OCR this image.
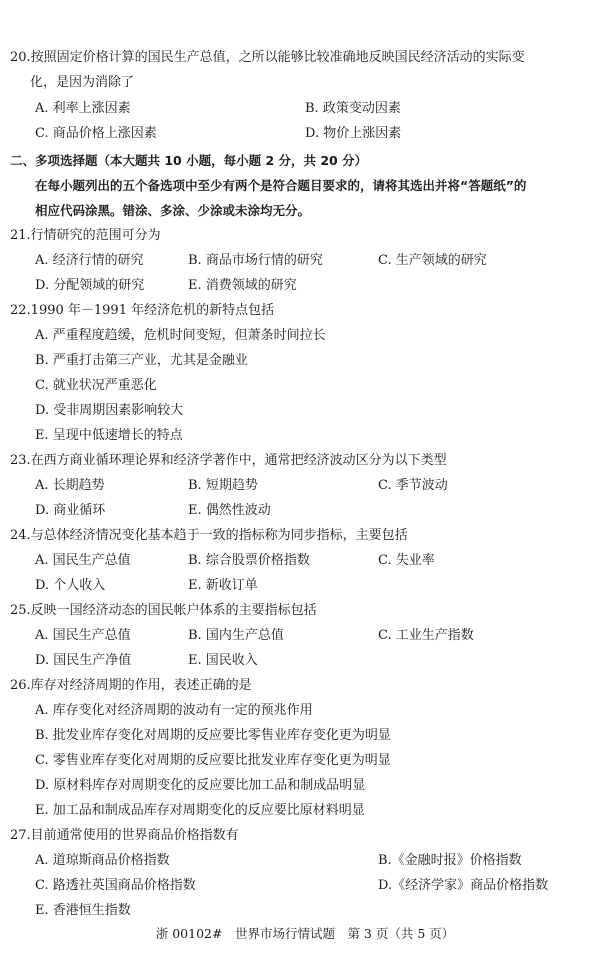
20.按照固定价格计算的国民生产总值，之所以能够比较准确地反映国民经济活动的实际变
化，是因为消除了
A. 利率上涨因素	B. 政策变动因素
C. 商品价格上涨因素	D. 物价上涨因素
二、多项选择题（本大题共 10 小题，每小题 2 分，共 20 分）
在每小题列出的五个备选项中至少有两个是符合题目要求的，请将其选出并将“答题纸”的
相应代码涂黑。错涂、多涂、少涂或未涂均无分。
21.行情研究的范围可分为
A. 经济行情的研究	B. 商品市场行情的研究	C. 生产领域的研究
D. 分配领域的研究	E. 消费领域的研究
22.1990 年－1991 年经济危机的新特点包括
A. 严重程度趋缓，危机时间变短，但萧条时间拉长
B. 严重打击第三产业，尤其是金融业
C. 就业状况严重恶化
D. 受非周期因素影响较大
E. 呈现中低速增长的特点
23.在西方商业循环理论界和经济学著作中，通常把经济波动区分为以下类型
A. 长期趋势	B. 短期趋势	C. 季节波动
D. 商业循环	E. 偶然性波动
24.与总体经济情况变化基本趋于一致的指标称为同步指标，主要包括
A. 国民生产总值	B. 综合股票价格指数	C. 失业率
D. 个人收入	E. 新收订单
25.反映一国经济动态的国民帐户体系的主要指标包括
A. 国民生产总值	B. 国内生产总值	C. 工业生产指数
D. 国民生产净值	E. 国民收入
26.库存对经济周期的作用，表述正确的是
A. 库存变化对经济周期的波动有一定的预兆作用
B. 批发业库存变化对周期的反应要比零售业库存变化更为明显
C. 零售业库存变化对周期的反应要比批发业库存变化更为明显
D. 原材料库存对周期变化的反应要比加工品和制成品明显
E. 加工品和制成品库存对周期变化的反应要比原材料明显
27.目前通常使用的世界商品价格指数有
A. 道琼斯商品价格指数	B.《金融时报》价格指数
C. 路透社英国商品价格指数	D.《经济学家》商品价格指数
E. 香港恒生指数
浙 00102#　世界市场行情试题　第 3 页（共 5 页）
